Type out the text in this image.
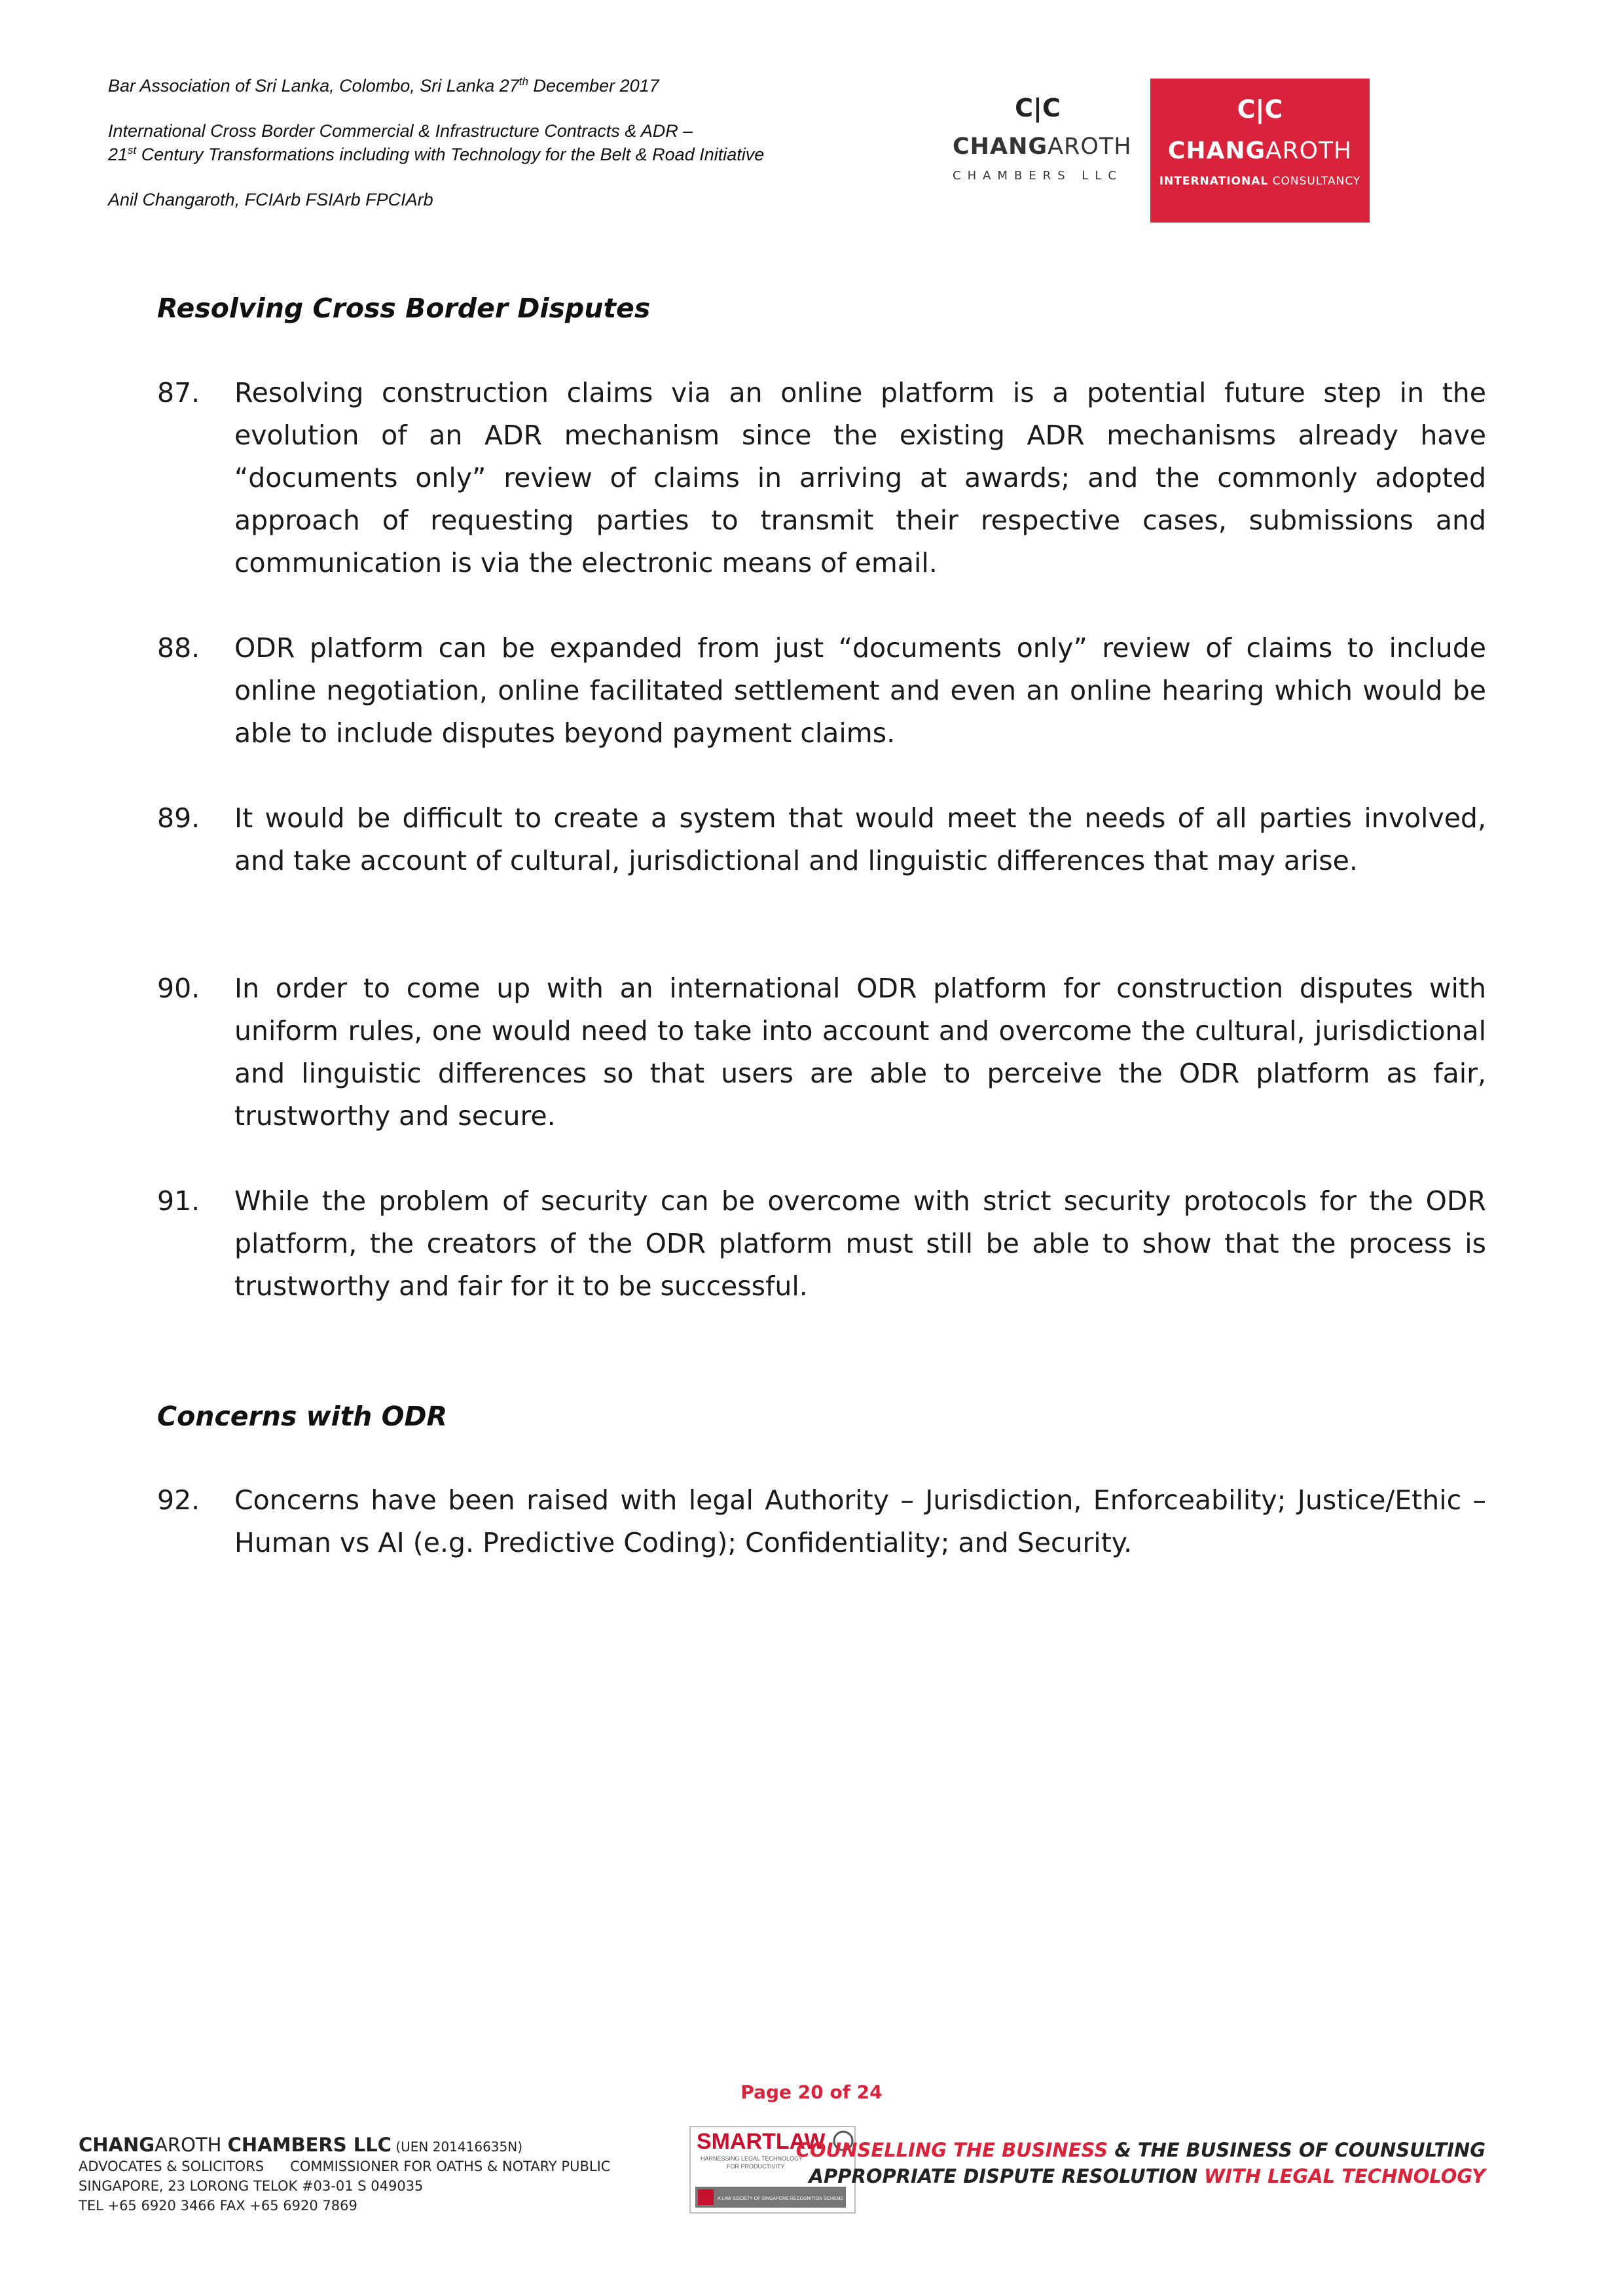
Bar Association of Sri Lanka, Colombo, Sri Lanka 27th December 2017
International Cross Border Commercial & Infrastructure Contracts & ADR –
21st Century Transformations including with Technology for the Belt & Road Initiative
Anil Changaroth, FCIArb FSIArb FPCIArb
C|C
CHANGAROTH
CHAMBERS LLC
C|C
CHANGAROTH
INTERNATIONAL CONSULTANCY
Resolving Cross Border Disputes
87. Resolving construction claims via an online platform is a potential future step in the evolution of an ADR mechanism since the existing ADR mechanisms already have “documents only” review of claims in arriving at awards; and the commonly adopted approach of requesting parties to transmit their respective cases, submissions and communication is via the electronic means of email.
88. ODR platform can be expanded from just “documents only” review of claims to include online negotiation, online facilitated settlement and even an online hearing which would be able to include disputes beyond payment claims.
89. It would be difficult to create a system that would meet the needs of all parties involved, and take account of cultural, jurisdictional and linguistic differences that may arise.
90. In order to come up with an international ODR platform for construction disputes with uniform rules, one would need to take into account and overcome the cultural, jurisdictional and linguistic differences so that users are able to perceive the ODR platform as fair, trustworthy and secure.
91. While the problem of security can be overcome with strict security protocols for the ODR platform, the creators of the ODR platform must still be able to show that the process is trustworthy and fair for it to be successful.
Concerns with ODR
92. Concerns have been raised with legal Authority – Jurisdiction, Enforceability; Justice/Ethic – Human vs AI (e.g. Predictive Coding); Confidentiality; and Security.
Page 20 of 24
CHANGAROTH CHAMBERS LLC (UEN 201416635N)
ADVOCATES & SOLICITORS      COMMISSIONER FOR OATHS & NOTARY PUBLIC
SINGAPORE, 23 LORONG TELOK #03-01 S 049035
TEL +65 6920 3466 FAX +65 6920 7869
SMARTLAW
HARNESSING LEGAL TECHNOLOGY
FOR PRODUCTIVITY
A LAW SOCIETY OF SINGAPORE RECOGNITION SCHEME
COUNSELLING THE BUSINESS & THE BUSINESS OF COUNSULTING
APPROPRIATE DISPUTE RESOLUTION WITH LEGAL TECHNOLOGY
